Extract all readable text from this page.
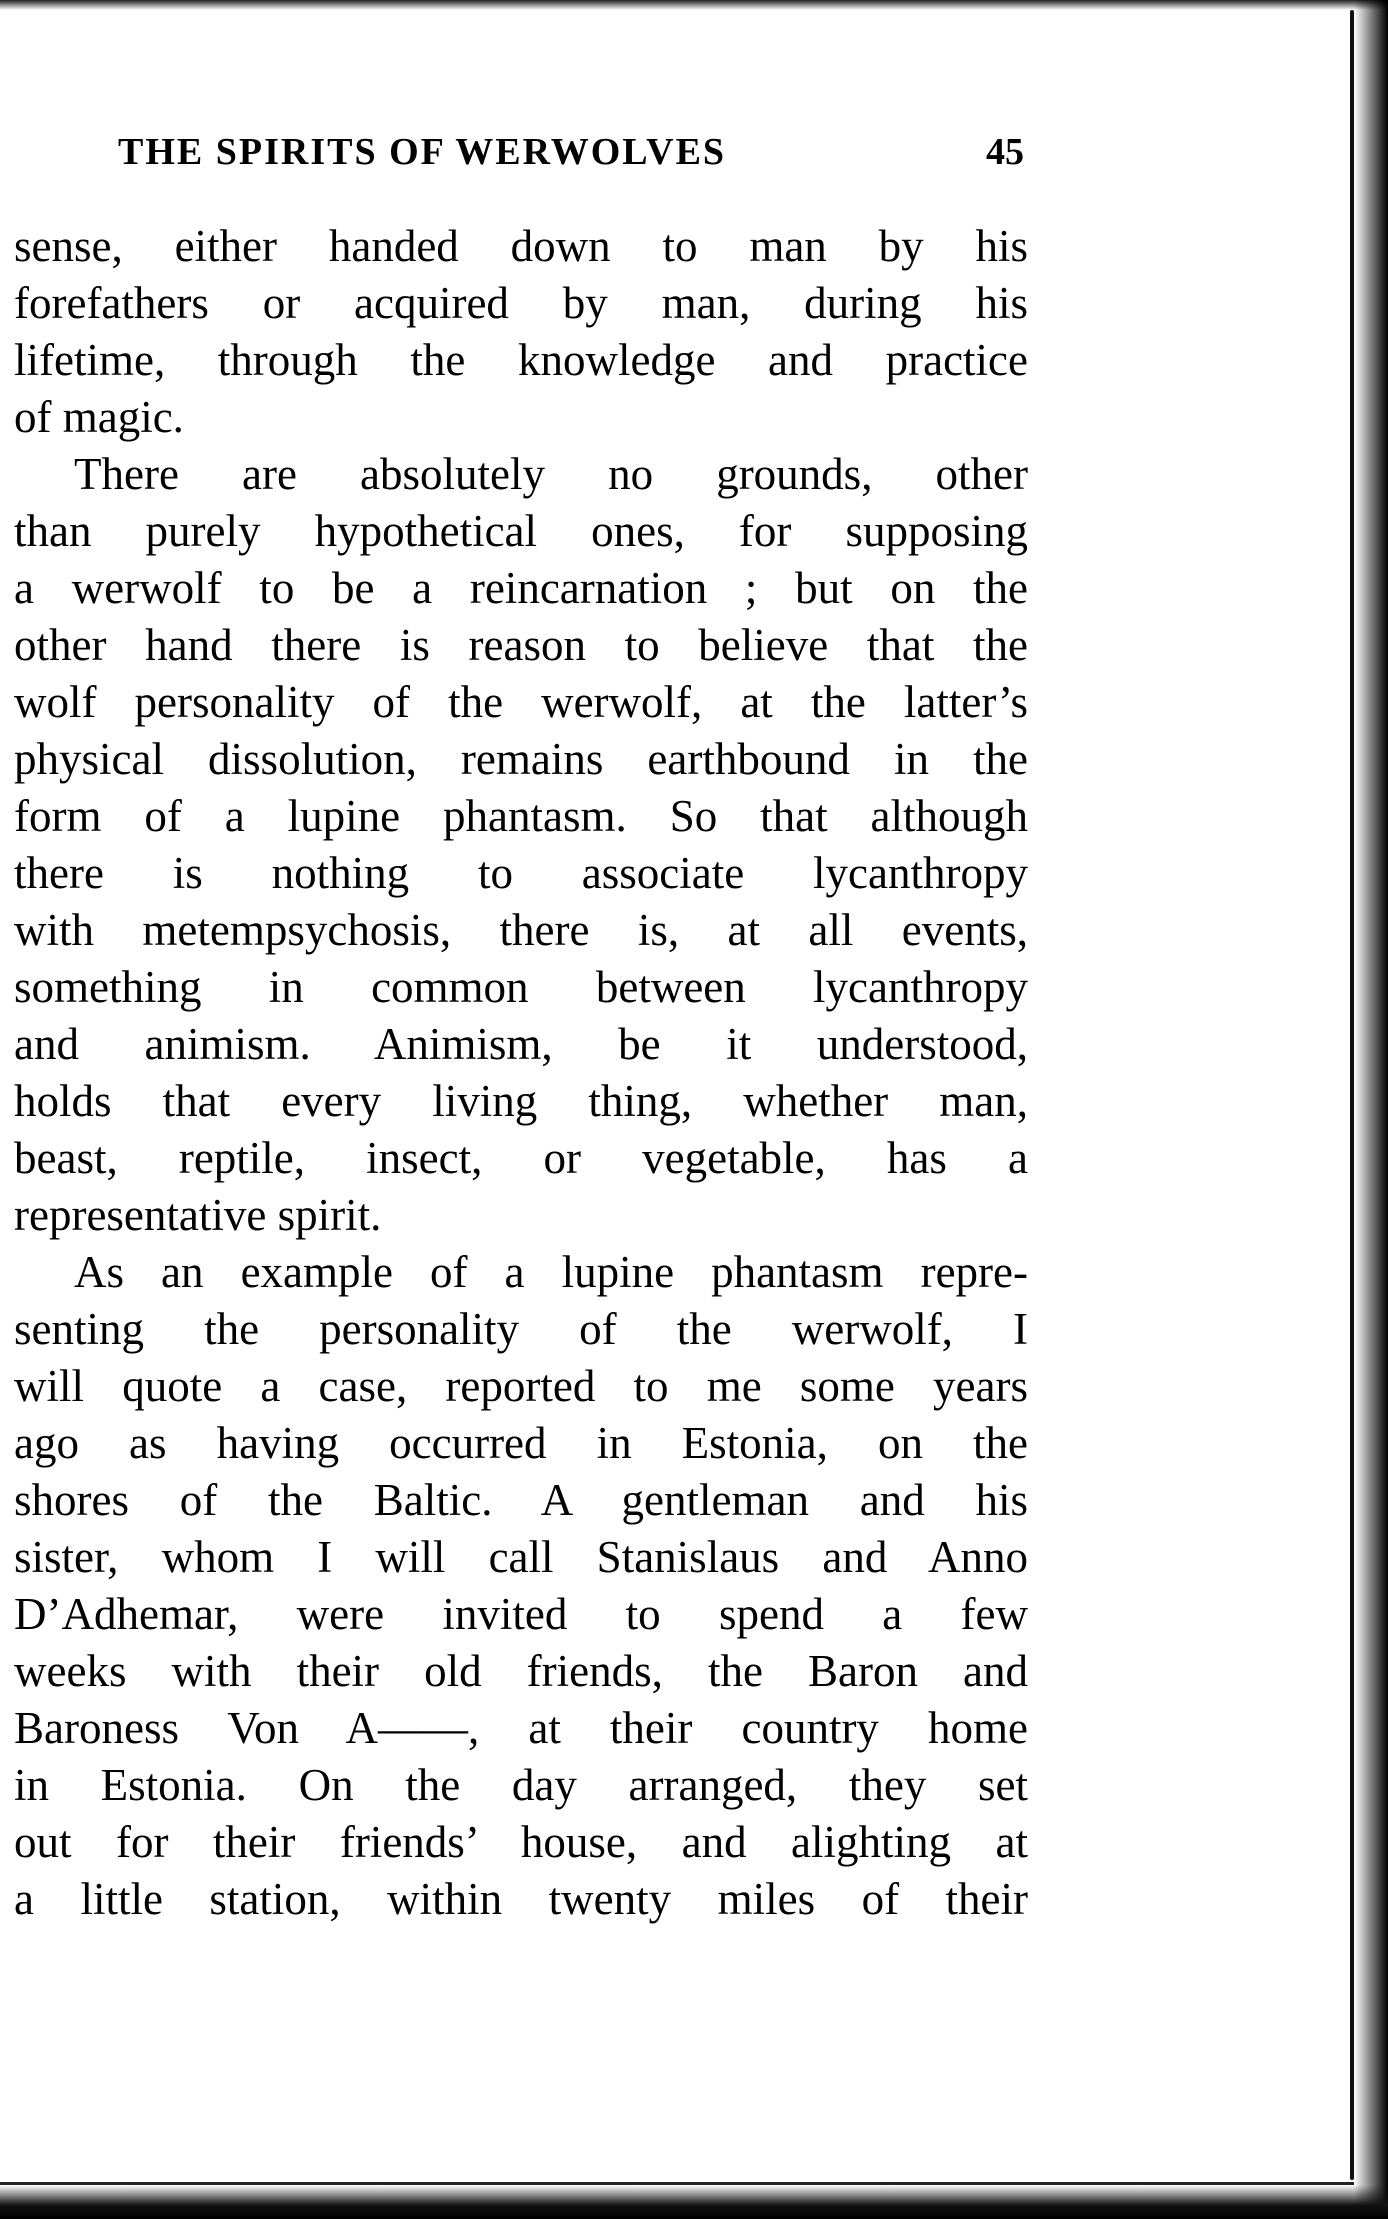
THE SPIRITS OF WERWOLVES	45
sense, either handed down to man by his
forefathers or acquired by man, during his
lifetime, through the knowledge and practice
of magic.
There are absolutely no grounds, other
than purely hypothetical ones, for supposing
a werwolf to be a reincarnation ; but on the
other hand there is reason to believe that the
wolf personality of the werwolf, at the latter’s
physical dissolution, remains earthbound in the
form of a lupine phantasm. So that although
there is nothing to associate lycanthropy
with metempsychosis, there is, at all events,
something in common between lycanthropy
and animism. Animism, be it understood,
holds that every living thing, whether man,
beast, reptile, insect, or vegetable, has a
representative spirit.
As an example of a lupine phantasm repre-
senting the personality of the werwolf, I
will quote a case, reported to me some years
ago as having occurred in Estonia, on the
shores of the Baltic. A gentleman and his
sister, whom I will call Stanislaus and Anno
D’Adhemar, were invited to spend a few
weeks with their old friends, the Baron and
Baroness Von A——, at their country home
in Estonia. On the day arranged, they set
out for their friends’ house, and alighting at
a little station, within twenty miles of their
